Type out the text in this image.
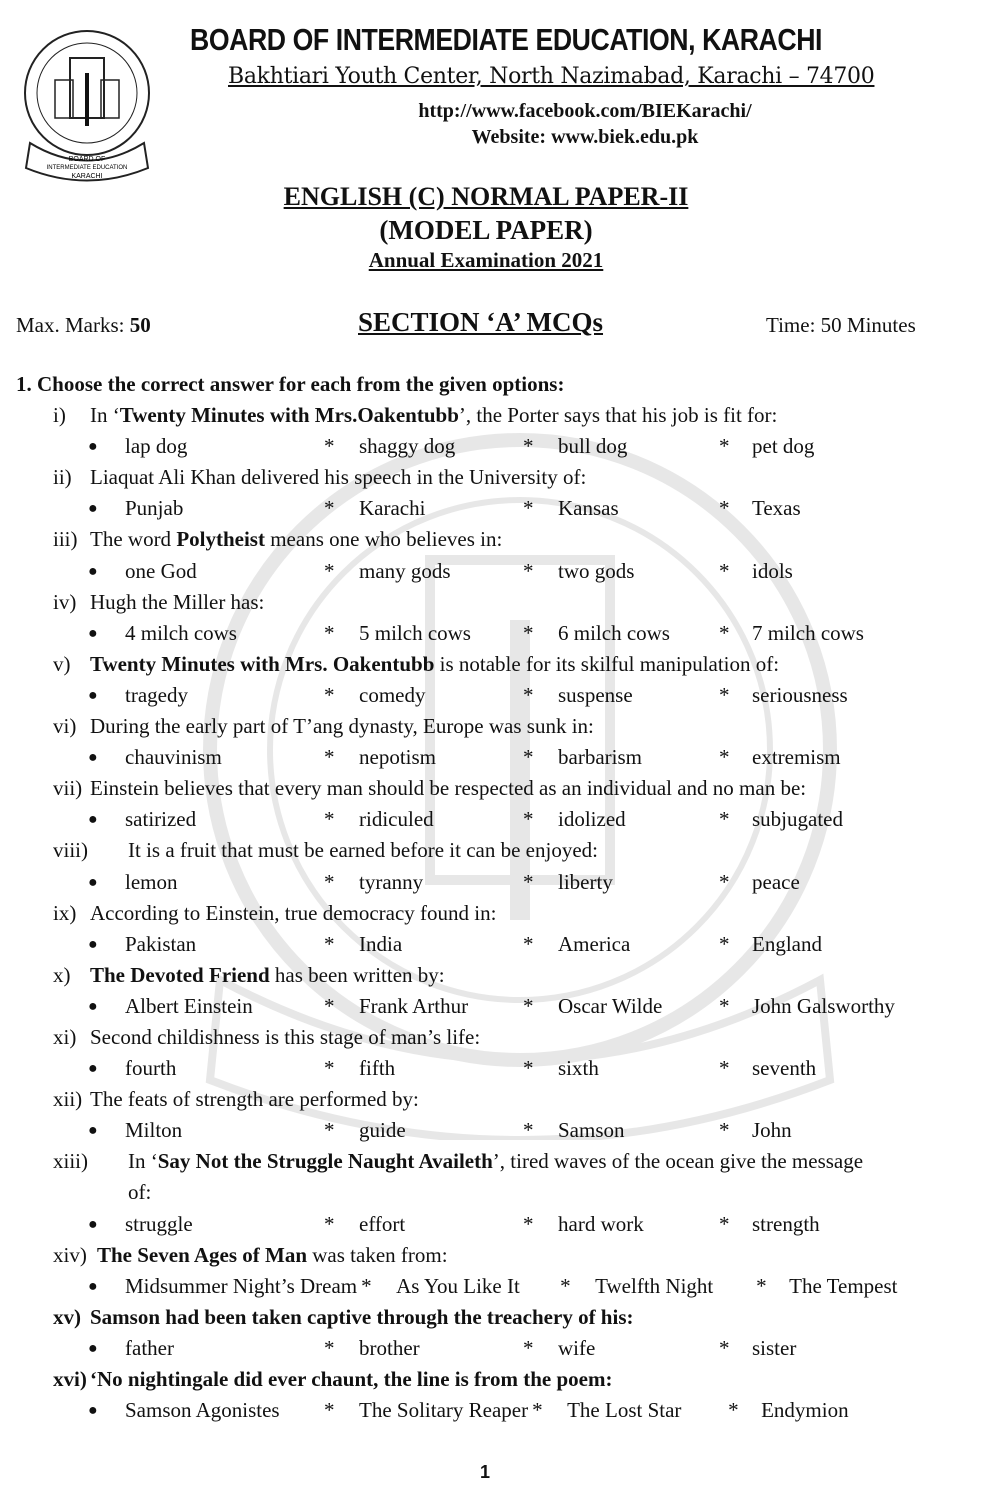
BOARD OF
INTERMEDIATE EDUCATION
KARACHI
BOARD OF INTERMEDIATE EDUCATION, KARACHI
Bakhtiari Youth Center, North Nazimabad, Karachi – 74700
http://www.facebook.com/BIEKarachi/
Website: www.biek.edu.pk
ENGLISH (C) NORMAL PAPER-II
(MODEL PAPER)
Annual Examination 2021
Max. Marks: 50	SECTION ‘A’ MCQs	Time: 50 Minutes
1. Choose the correct answer for each from the given options:
i) In ‘Twenty Minutes with Mrs.Oakentubb’, the Porter says that his job is fit for:
● lap dog	*	shaggy dog	*	bull dog	*	pet dog
ii) Liaquat Ali Khan delivered his speech in the University of:
● Punjab	*	Karachi	*	Kansas	*	Texas
iii) The word Polytheist means one who believes in:
● one God	*	many gods	*	two gods	*	idols
iv) Hugh the Miller has:
● 4 milch cows	*	5 milch cows	*	6 milch cows	*	7 milch cows
v) Twenty Minutes with Mrs. Oakentubb is notable for its skilful manipulation of:
● tragedy	*	comedy	*	suspense	*	seriousness
vi) During the early part of T’ang dynasty, Europe was sunk in:
● chauvinism	*	nepotism	*	barbarism	*	extremism
vii) Einstein believes that every man should be respected as an individual and no man be:
● satirized	*	ridiculed	*	idolized	*	subjugated
viii) It is a fruit that must be earned before it can be enjoyed:
● lemon	*	tyranny	*	liberty	*	peace
ix) According to Einstein, true democracy found in:
● Pakistan	*	India	*	America	*	England
x) The Devoted Friend has been written by:
● Albert Einstein	*	Frank Arthur	*	Oscar Wilde	*	John Galsworthy
xi) Second childishness is this stage of man’s life:
● fourth	*	fifth	*	sixth	*	seventh
xii) The feats of strength are performed by:
● Milton	*	guide	*	Samson	*	John
xiii) In ‘Say Not the Struggle Naught Availeth’, tired waves of the ocean give the message
of:
● struggle	*	effort	*	hard work	*	strength
xiv) The Seven Ages of Man was taken from:
● Midsummer Night’s Dream *	As You Like It	*	Twelfth Night	*	The Tempest
xv) Samson had been taken captive through the treachery of his:
● father	*	brother	*	wife	*	sister
xvi) ‘No nightingale did ever chaunt, the line is from the poem:
● Samson Agonistes	*	The Solitary Reaper *	The Lost Star	*	Endymion
1
